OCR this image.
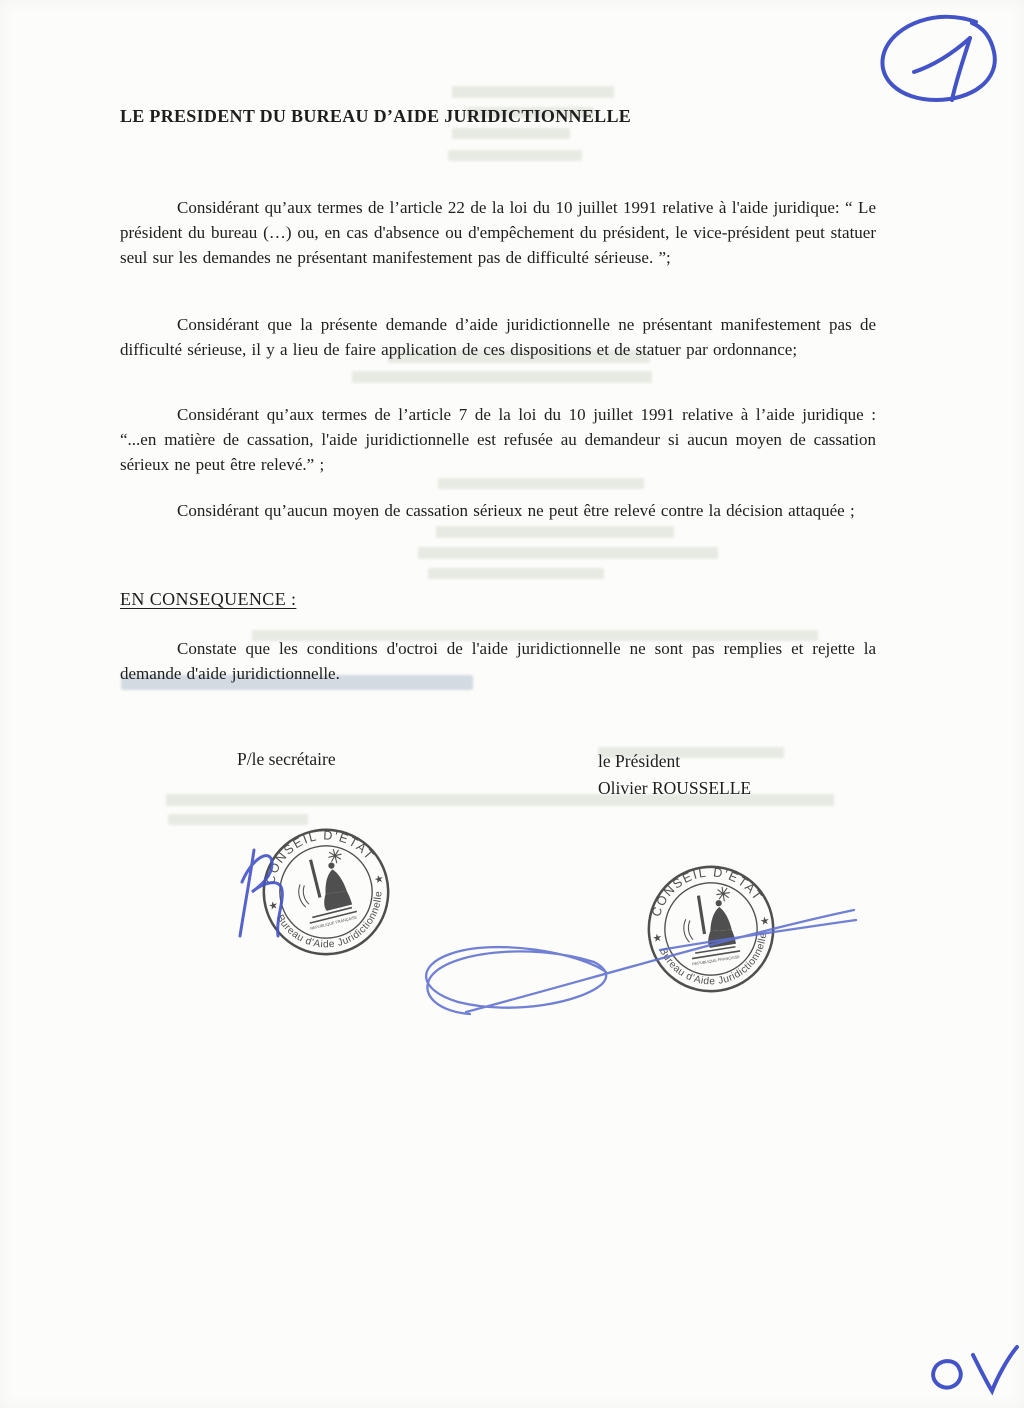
LE PRESIDENT DU BUREAU D’AIDE JURIDICTIONNELLE
Considérant qu’aux termes de l’article 22 de la loi du 10 juillet 1991 relative à l'aide juridique: “ Le président du bureau (…) ou, en cas d'absence ou d'empêchement du président, le vice-président peut statuer seul sur les demandes ne présentant manifestement pas de difficulté sérieuse. ”;
Considérant que la présente demande d’aide juridictionnelle ne présentant manifestement pas de difficulté sérieuse, il y a lieu de faire application de ces dispositions et de statuer par ordonnance;
Considérant qu’aux termes de l’article 7 de la loi du 10 juillet 1991 relative à l’aide juridique : “...en matière de cassation, l'aide juridictionnelle est refusée au demandeur si aucun moyen de cassation sérieux ne peut être relevé.” ;
Considérant qu’aucun moyen de cassation sérieux ne peut être relevé contre la décision attaquée ;
EN CONSEQUENCE :
Constate que les conditions d'octroi de l'aide juridictionnelle ne sont pas remplies et rejette la demande d'aide juridictionnelle.
P/le secrétaire	le Président
Olivier ROUSSELLE
CONSEIL D'ÉTAT
Bureau d'Aide Juridictionnelle
★
★
REPUBLIQUE FRANÇAISE
CONSEIL D'ÉTAT
Bureau d'Aide Juridictionnelle
★
★
REPUBLIQUE FRANÇAISE
